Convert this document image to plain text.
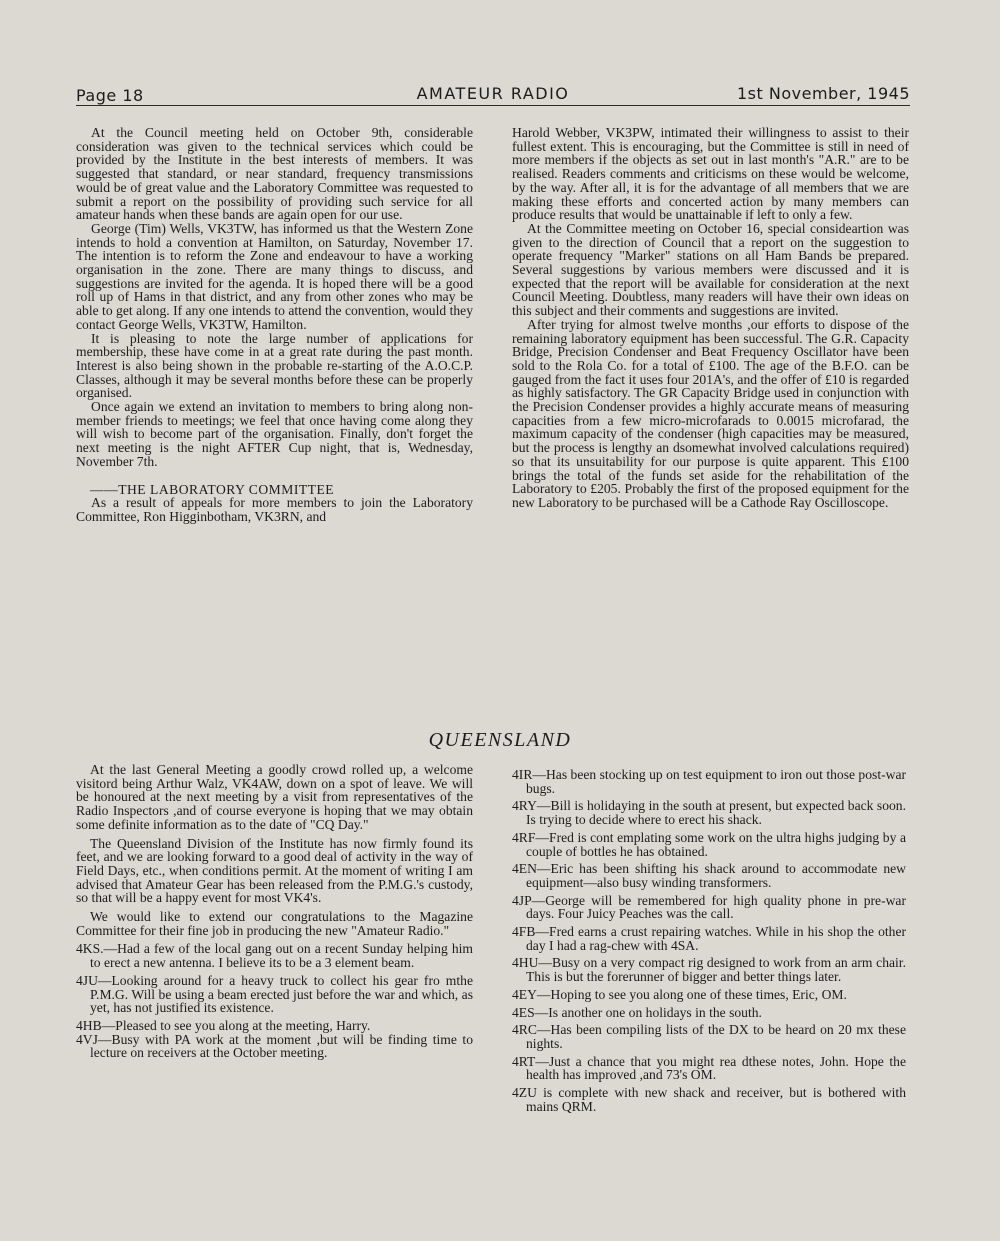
Page 18	AMATEUR RADIO	1st November, 1945

At the Council meeting held on October 9th, considerable consideration was given to the technical services which could be provided by the Institute in the best interests of members. It was suggested that standard, or near standard, frequency transmissions would be of great value and the Laboratory Committee was requested to submit a report on the possibility of providing such service for all amateur hands when these bands are again open for our use.

George (Tim) Wells, VK3TW, has informed us that the Western Zone intends to hold a convention at Hamilton, on Saturday, November 17. The intention is to reform the Zone and endeavour to have a working organisation in the zone. There are many things to discuss, and suggestions are invited for the agenda. It is hoped there will be a good roll up of Hams in that district, and any from other zones who may be able to get along. If any one intends to attend the convention, would they contact George Wells, VK3TW, Hamilton.

It is pleasing to note the large number of applications for membership, these have come in at a great rate during the past month. Interest is also being shown in the probable re-starting of the A.O.C.P. Classes, although it may be several months before these can be properly organised.

Once again we extend an invitation to members to bring along non-member friends to meetings; we feel that once having come along they will wish to become part of the organisation. Finally, don't forget the next meeting is the night AFTER Cup night, that is, Wednesday, November 7th.

——THE LABORATORY COMMITTEE

As a result of appeals for more members to join the Laboratory Committee, Ron Higginbotham, VK3RN, and

Harold Webber, VK3PW, intimated their willingness to assist to their fullest extent. This is encouraging, but the Committee is still in need of more members if the objects as set out in last month's "A.R." are to be realised. Readers comments and criticisms on these would be welcome, by the way. After all, it is for the advantage of all members that we are making these efforts and concerted action by many members can produce results that would be unattainable if left to only a few.

At the Committee meeting on October 16, special consideartion was given to the direction of Council that a report on the suggestion to operate frequency "Marker" stations on all Ham Bands be prepared. Several suggestions by various members were discussed and it is expected that the report will be available for consideration at the next Council Meeting. Doubtless, many readers will have their own ideas on this subject and their comments and suggestions are invited.

After trying for almost twelve months ,our efforts to dispose of the remaining laboratory equipment has been successful. The G.R. Capacity Bridge, Precision Condenser and Beat Frequency Oscillator have been sold to the Rola Co. for a total of £100. The age of the B.F.O. can be gauged from the fact it uses four 201A's, and the offer of £10 is regarded as highly satisfactory. The GR Capacity Bridge used in conjunction with the Precision Condenser provides a highly accurate means of measuring capacities from a few micro-microfarads to 0.0015 microfarad, the maximum capacity of the condenser (high capacities may be measured, but the process is lengthy an dsomewhat involved calculations required) so that its unsuitability for our purpose is quite apparent. This £100 brings the total of the funds set aside for the rehabilitation of the Laboratory to £205. Probably the first of the proposed equipment for the new Laboratory to be purchased will be a Cathode Ray Oscilloscope.

QUEENSLAND

At the last General Meeting a goodly crowd rolled up, a welcome visitord being Arthur Walz, VK4AW, down on a spot of leave. We will be honoured at the next meeting by a visit from representatives of the Radio Inspectors ,and of course everyone is hoping that we may obtain some definite information as to the date of "CQ Day."

The Queensland Division of the Institute has now firmly found its feet, and we are looking forward to a good deal of activity in the way of Field Days, etc., when conditions permit. At the moment of writing I am advised that Amateur Gear has been released from the P.M.G.'s custody, so that will be a happy event for most VK4's.

We would like to extend our congratulations to the Magazine Committee for their fine job in producing the new "Amateur Radio."

4KS.—Had a few of the local gang out on a recent Sunday helping him to erect a new antenna. I believe its to be a 3 element beam.

4JU—Looking around for a heavy truck to collect his gear fro mthe P.M.G. Will be using a beam erected just before the war and which, as yet, has not justified its existence.

4HB—Pleased to see you along at the meeting, Harry.

4VJ—Busy with PA work at the moment ,but will be finding time to lecture on receivers at the October meeting.

4IR—Has been stocking up on test equipment to iron out those post-war bugs.

4RY—Bill is holidaying in the south at present, but expected back soon. Is trying to decide where to erect his shack.

4RF—Fred is cont emplating some work on the ultra highs judging by a couple of bottles he has obtained.

4EN—Eric has been shifting his shack around to accommodate new equipment—also busy winding transformers.

4JP—George will be remembered for high quality phone in pre-war days. Four Juicy Peaches was the call.

4FB—Fred earns a crust repairing watches. While in his shop the other day I had a rag-chew with 4SA.

4HU—Busy on a very compact rig designed to work from an arm chair. This is but the forerunner of bigger and better things later.

4EY—Hoping to see you along one of these times, Eric, OM.

4ES—Is another one on holidays in the south.

4RC—Has been compiling lists of the DX to be heard on 20 mx these nights.

4RT—Just a chance that you might rea dthese notes, John. Hope the health has improved ,and 73's OM.

4ZU is complete with new shack and receiver, but is bothered with mains QRM.
